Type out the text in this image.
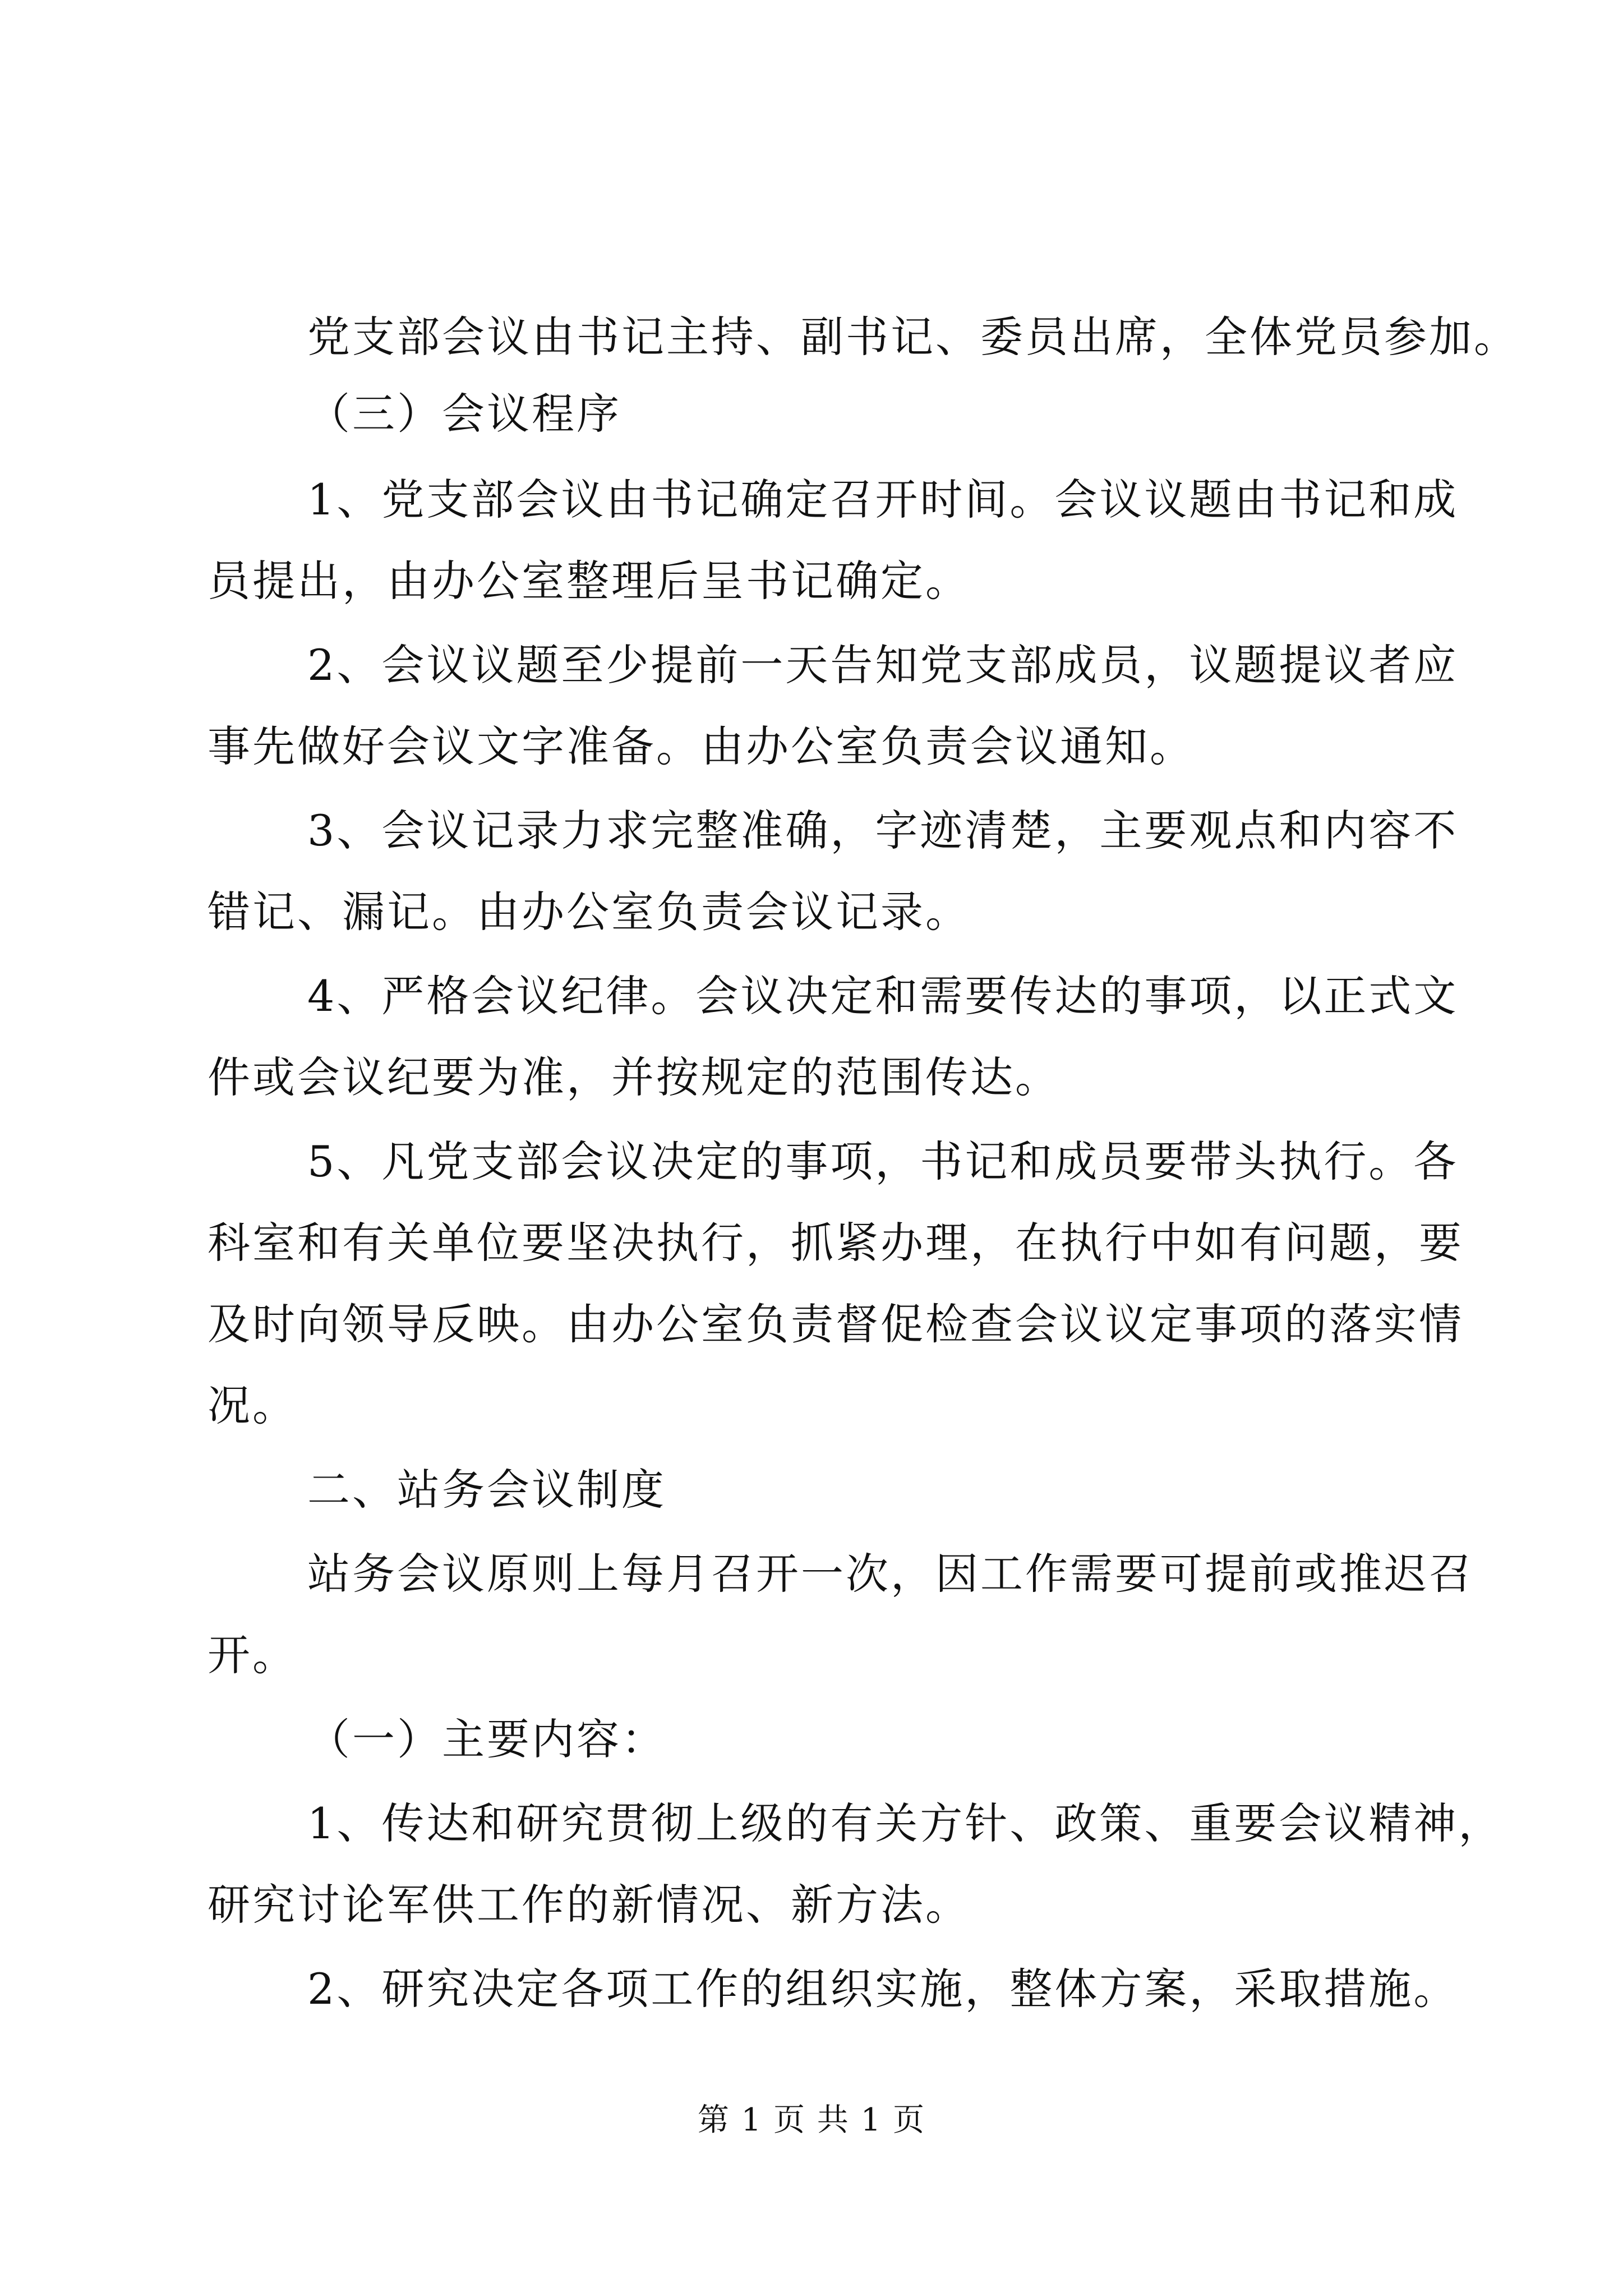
党支部会议由书记主持、副书记、委员出席，全体党员参加。
（三）会议程序
1、党支部会议由书记确定召开时间。会议议题由书记和成
员提出，由办公室整理后呈书记确定。
2、会议议题至少提前一天告知党支部成员，议题提议者应
事先做好会议文字准备。由办公室负责会议通知。
3、会议记录力求完整准确，字迹清楚，主要观点和内容不
错记、漏记。由办公室负责会议记录。
4、严格会议纪律。会议决定和需要传达的事项，以正式文
件或会议纪要为准，并按规定的范围传达。
5、凡党支部会议决定的事项，书记和成员要带头执行。各
科室和有关单位要坚决执行，抓紧办理，在执行中如有问题，要
及时向领导反映。由办公室负责督促检查会议议定事项的落实情
况。
二、站务会议制度
站务会议原则上每月召开一次，因工作需要可提前或推迟召
开。
（一）主要内容：
1、传达和研究贯彻上级的有关方针、政策、重要会议精神，
研究讨论军供工作的新情况、新方法。
2、研究决定各项工作的组织实施，整体方案，采取措施。
第 1 页 共 1 页
